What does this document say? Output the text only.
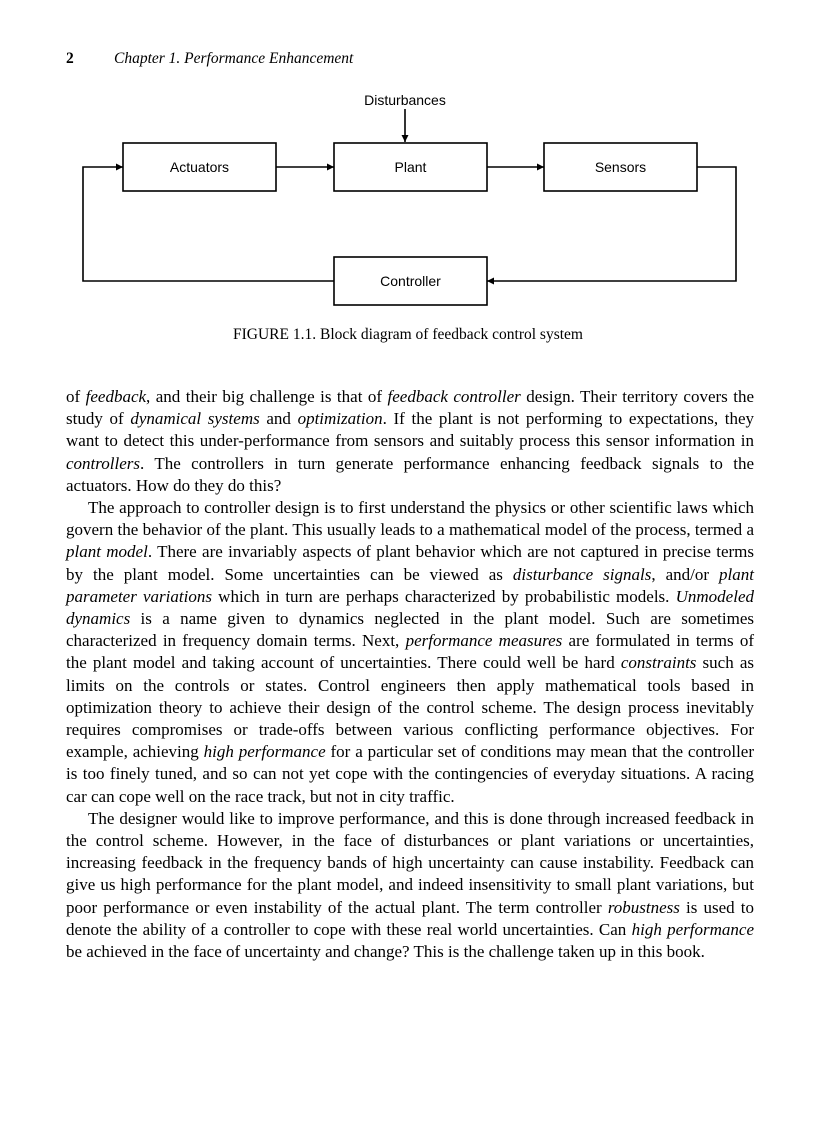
2	Chapter 1. Performance Enhancement
Disturbances
Actuators	Plant	Sensors
Controller
FIGURE 1.1. Block diagram of feedback control system

of feedback, and their big challenge is that of feedback controller design. Their territory covers the study of dynamical systems and optimization. If the plant is not performing to expectations, they want to detect this under-performance from sensors and suitably process this sensor information in controllers. The controllers in turn generate performance enhancing feedback signals to the actuators. How do they do this?

The approach to controller design is to first understand the physics or other scientific laws which govern the behavior of the plant. This usually leads to a mathematical model of the process, termed a plant model. There are invariably aspects of plant behavior which are not captured in precise terms by the plant model. Some uncertainties can be viewed as disturbance signals, and/or plant parameter variations which in turn are perhaps characterized by probabilistic models. Unmodeled dynamics is a name given to dynamics neglected in the plant model. Such are sometimes characterized in frequency domain terms. Next, performance measures are formulated in terms of the plant model and taking account of uncertainties. There could well be hard constraints such as limits on the controls or states. Control engineers then apply mathematical tools based in optimization theory to achieve their design of the control scheme. The design process inevitably requires compromises or trade-offs between various conflicting performance objectives. For example, achieving high performance for a particular set of conditions may mean that the controller is too finely tuned, and so can not yet cope with the contingencies of everyday situations. A racing car can cope well on the race track, but not in city traffic.

The designer would like to improve performance, and this is done through increased feedback in the control scheme. However, in the face of disturbances or plant variations or uncertainties, increasing feedback in the frequency bands of high uncertainty can cause instability. Feedback can give us high performance for the plant model, and indeed insensitivity to small plant variations, but poor performance or even instability of the actual plant. The term controller robustness is used to denote the ability of a controller to cope with these real world uncertainties. Can high performance be achieved in the face of uncertainty and change? This is the challenge taken up in this book.
